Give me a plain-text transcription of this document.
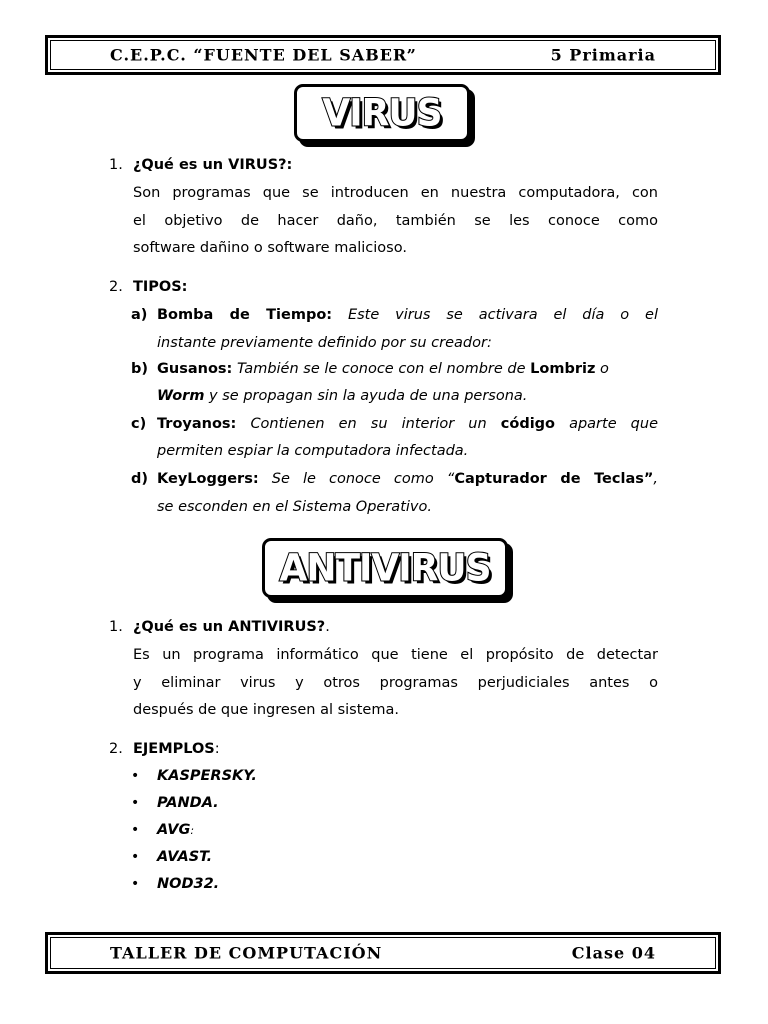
C.E.P.C. “FUENTE DEL SABER”	5 Primaria
VIRUS
1. ¿Qué es un VIRUS?:
Son programas que se introducen en nuestra computadora, con
el objetivo de hacer daño, también se les conoce como
software dañino o software malicioso.
2. TIPOS:
a) Bomba de Tiempo: Este virus se activara el día o el
instante previamente definido por su creador:
b) Gusanos: También se le conoce con el nombre de Lombriz o
Worm y se propagan sin la ayuda de una persona.
c) Troyanos: Contienen en su interior un código aparte que
permiten espiar la computadora infectada.
d) KeyLoggers: Se le conoce como “Capturador de Teclas”,
se esconden en el Sistema Operativo.
ANTIVIRUS
1. ¿Qué es un ANTIVIRUS?.
Es un programa informático que tiene el propósito de detectar
y eliminar virus y otros programas perjudiciales antes o
después de que ingresen al sistema.
2. EJEMPLOS:
• KASPERSKY.
• PANDA.
• AVG:
• AVAST.
• NOD32.
TALLER DE COMPUTACIÓN	Clase 04
